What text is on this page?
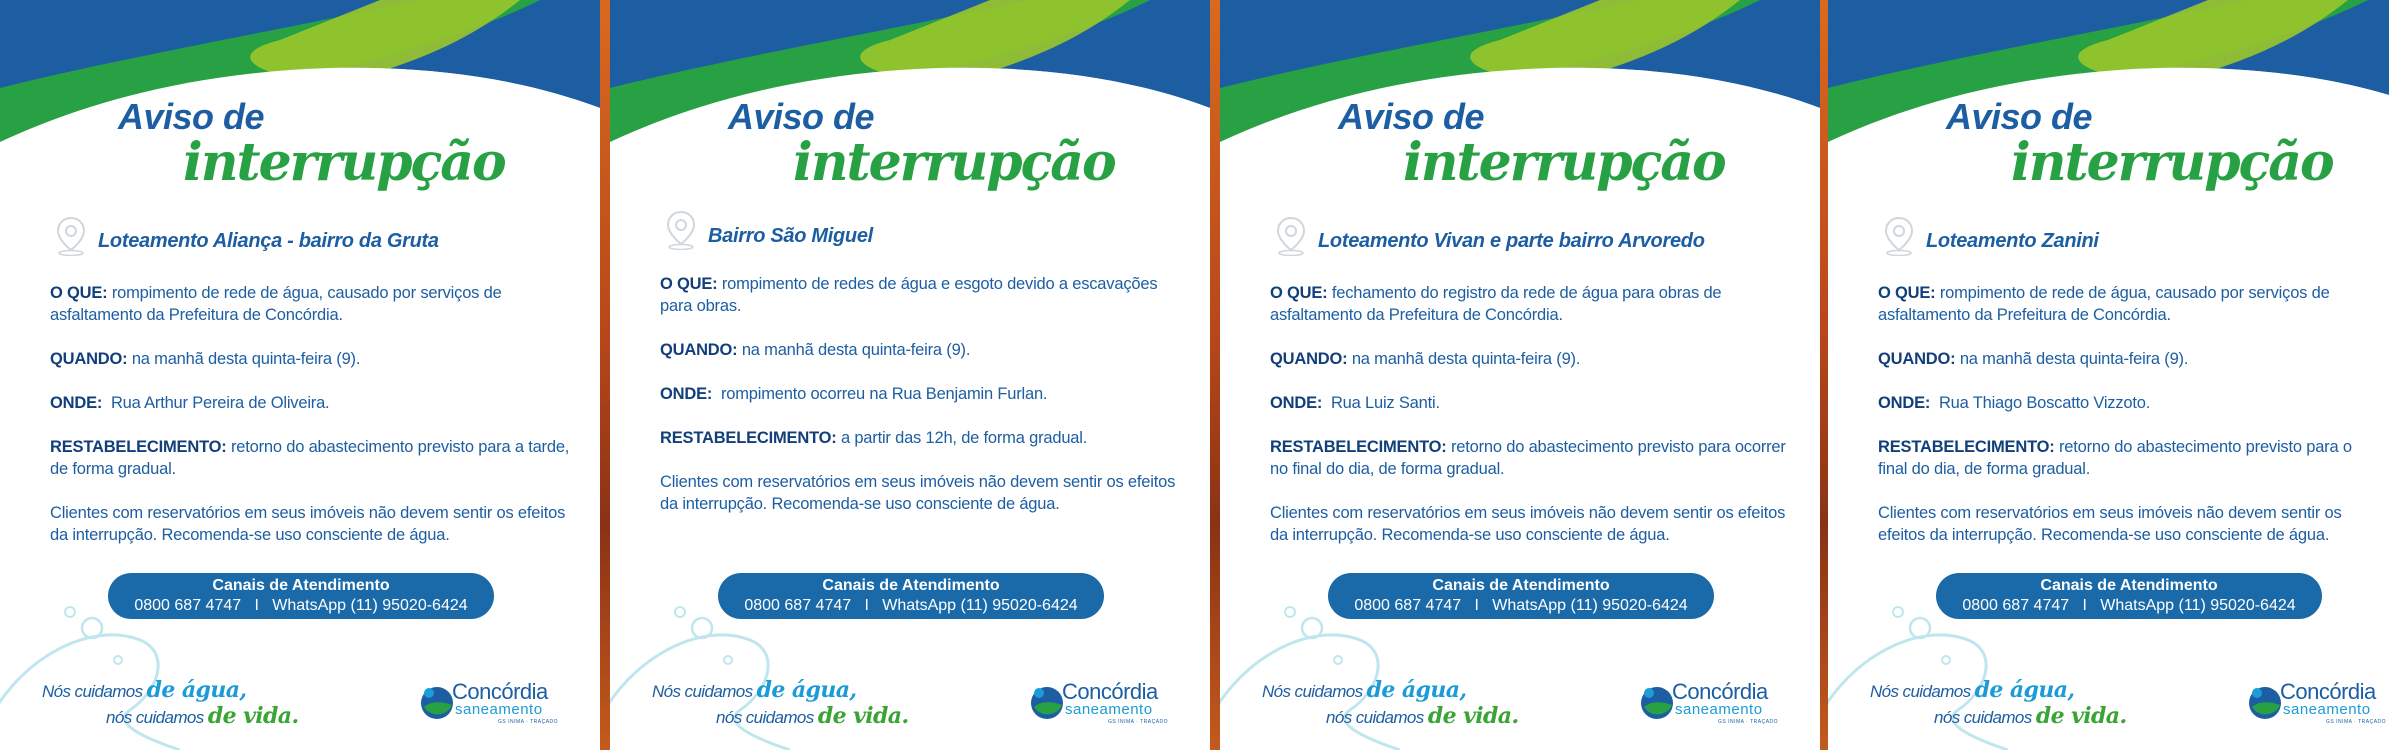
Aviso de
interrupção
Loteamento Aliança - bairro da Gruta
O QUE: rompimento de rede de água, causado por serviços de asfaltamento da Prefeitura de Concórdia.
QUANDO: na manhã desta quinta-feira (9).
ONDE: Rua Arthur Pereira de Oliveira.
RESTABELECIMENTO: retorno do abastecimento previsto para a tarde, de forma gradual.
Clientes com reservatórios em seus imóveis não devem sentir os efeitos da interrupção. Recomenda-se uso consciente de água.
Canais de Atendimento
0800 687 4747   I   WhatsApp (11) 95020-6424
Nós cuidamos de água,
nós cuidamos de vida.
Concórdia
saneamento
GS INIMA · TRAÇADO
Aviso de
interrupção
Bairro São Miguel
O QUE: rompimento de redes de água e esgoto devido a escavações para obras.
QUANDO: na manhã desta quinta-feira (9).
ONDE: rompimento ocorreu na Rua Benjamin Furlan.
RESTABELECIMENTO: a partir das 12h, de forma gradual.
Clientes com reservatórios em seus imóveis não devem sentir os efeitos da interrupção. Recomenda-se uso consciente de água.
Canais de Atendimento
0800 687 4747   I   WhatsApp (11) 95020-6424
Nós cuidamos de água,
nós cuidamos de vida.
Concórdia
saneamento
GS INIMA · TRAÇADO
Aviso de
interrupção
Loteamento Vivan e parte bairro Arvoredo
O QUE: fechamento do registro da rede de água para obras de asfaltamento da Prefeitura de Concórdia.
QUANDO: na manhã desta quinta-feira (9).
ONDE: Rua Luiz Santi.
RESTABELECIMENTO: retorno do abastecimento previsto para ocorrer no final do dia, de forma gradual.
Clientes com reservatórios em seus imóveis não devem sentir os efeitos da interrupção. Recomenda-se uso consciente de água.
Canais de Atendimento
0800 687 4747   I   WhatsApp (11) 95020-6424
Nós cuidamos de água,
nós cuidamos de vida.
Concórdia
saneamento
GS INIMA · TRAÇADO
Aviso de
interrupção
Loteamento Zanini
O QUE: rompimento de rede de água, causado por serviços de asfaltamento da Prefeitura de Concórdia.
QUANDO: na manhã desta quinta-feira (9).
ONDE: Rua Thiago Boscatto Vizzoto.
RESTABELECIMENTO: retorno do abastecimento previsto para o final do dia, de forma gradual.
Clientes com reservatórios em seus imóveis não devem sentir os efeitos da interrupção. Recomenda-se uso consciente de água.
Canais de Atendimento
0800 687 4747   I   WhatsApp (11) 95020-6424
Nós cuidamos de água,
nós cuidamos de vida.
Concórdia
saneamento
GS INIMA · TRAÇADO
